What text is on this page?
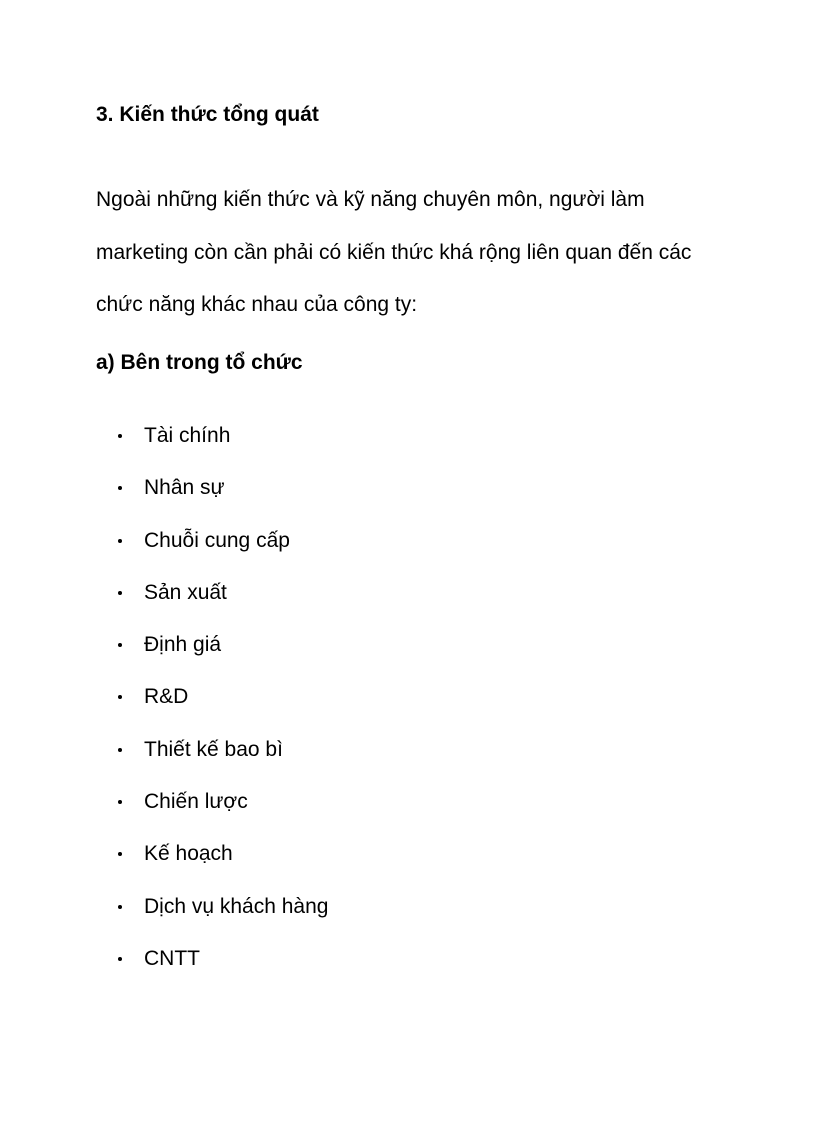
3. Kiến thức tổng quát

Ngoài những kiến thức và kỹ năng chuyên môn, người làm
marketing còn cần phải có kiến thức khá rộng liên quan đến các
chức năng khác nhau của công ty:

a) Bên trong tổ chức
Tài chính
Nhân sự
Chuỗi cung cấp
Sản xuất
Định giá
R&D
Thiết kế bao bì
Chiến lược
Kế hoạch
Dịch vụ khách hàng
CNTT
